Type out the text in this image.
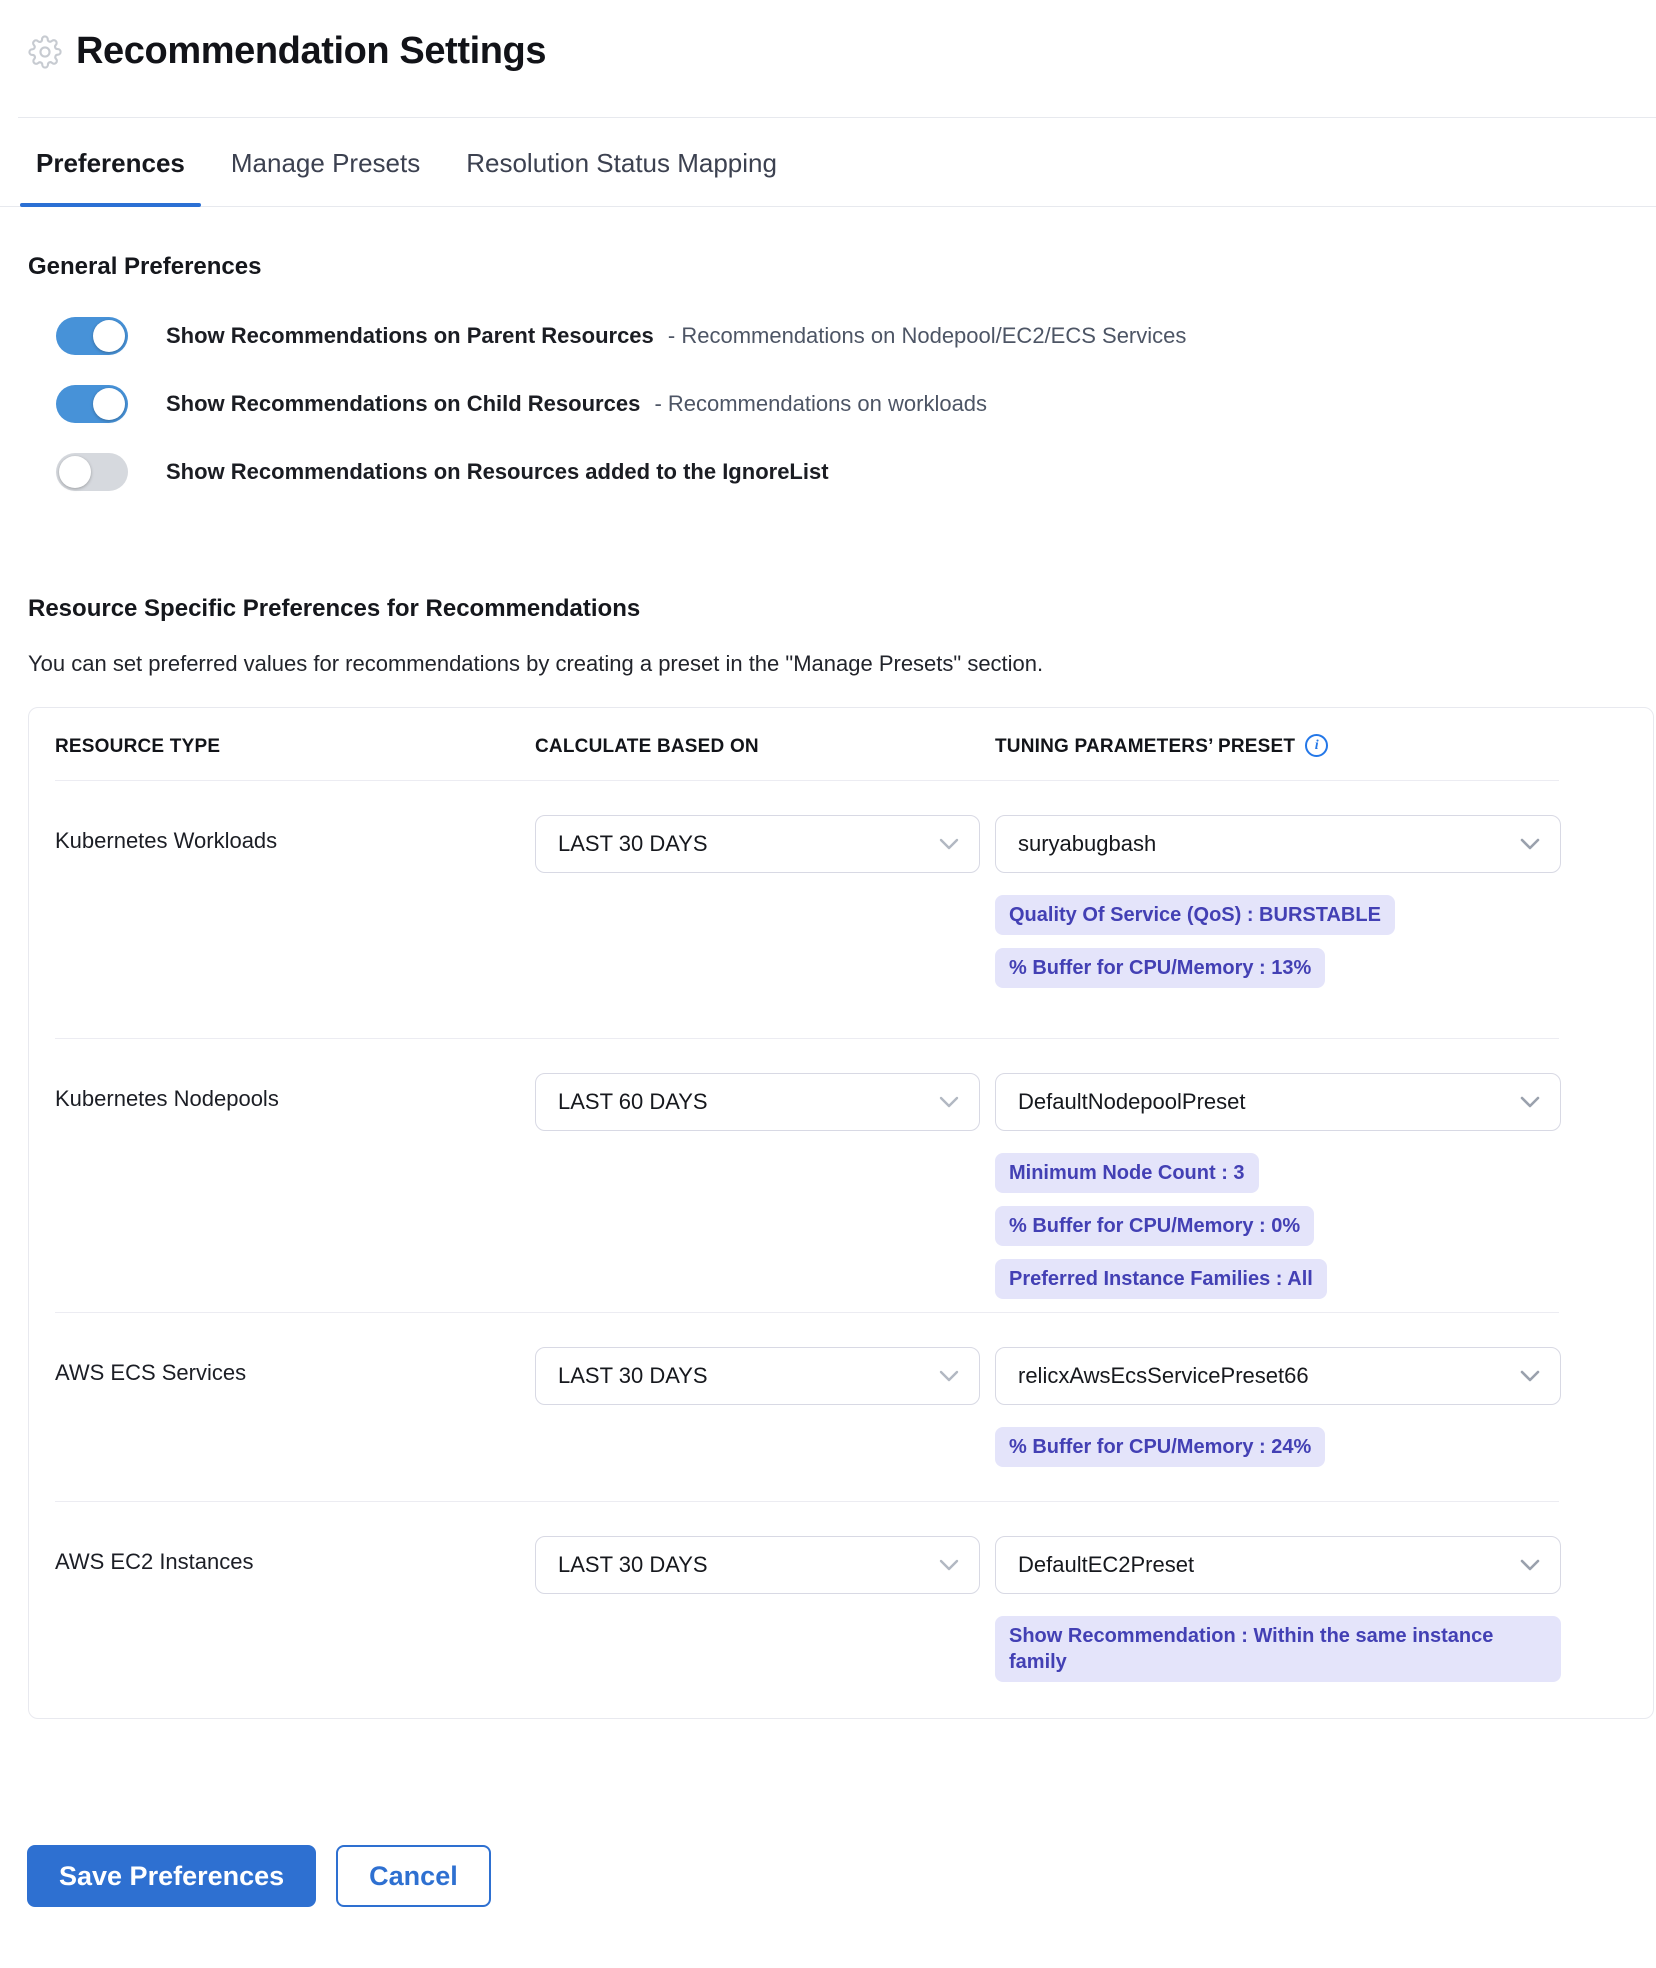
Recommendation Settings
Preferences	Manage Presets	Resolution Status Mapping
General Preferences
Show Recommendations on Parent Resources - Recommendations on Nodepool/EC2/ECS Services
Show Recommendations on Child Resources - Recommendations on workloads
Show Recommendations on Resources added to the IgnoreList
Resource Specific Preferences for Recommendations

You can set preferred values for recommendations by creating a preset in the "Manage Presets" section.

RESOURCE TYPE	CALCULATE BASED ON	TUNING PARAMETERS’ PRESET	i
Kubernetes Workloads	LAST 30 DAYS	suryabugbash
Quality Of Service (QoS) : BURSTABLE
% Buffer for CPU/Memory : 13%
Kubernetes Nodepools	LAST 60 DAYS	DefaultNodepoolPreset
Minimum Node Count : 3
% Buffer for CPU/Memory : 0%
Preferred Instance Families : All
AWS ECS Services	LAST 30 DAYS	relicxAwsEcsServicePreset66
% Buffer for CPU/Memory : 24%
AWS EC2 Instances	LAST 30 DAYS	DefaultEC2Preset
Show Recommendation : Within the same instance family
Save Preferences	Cancel
